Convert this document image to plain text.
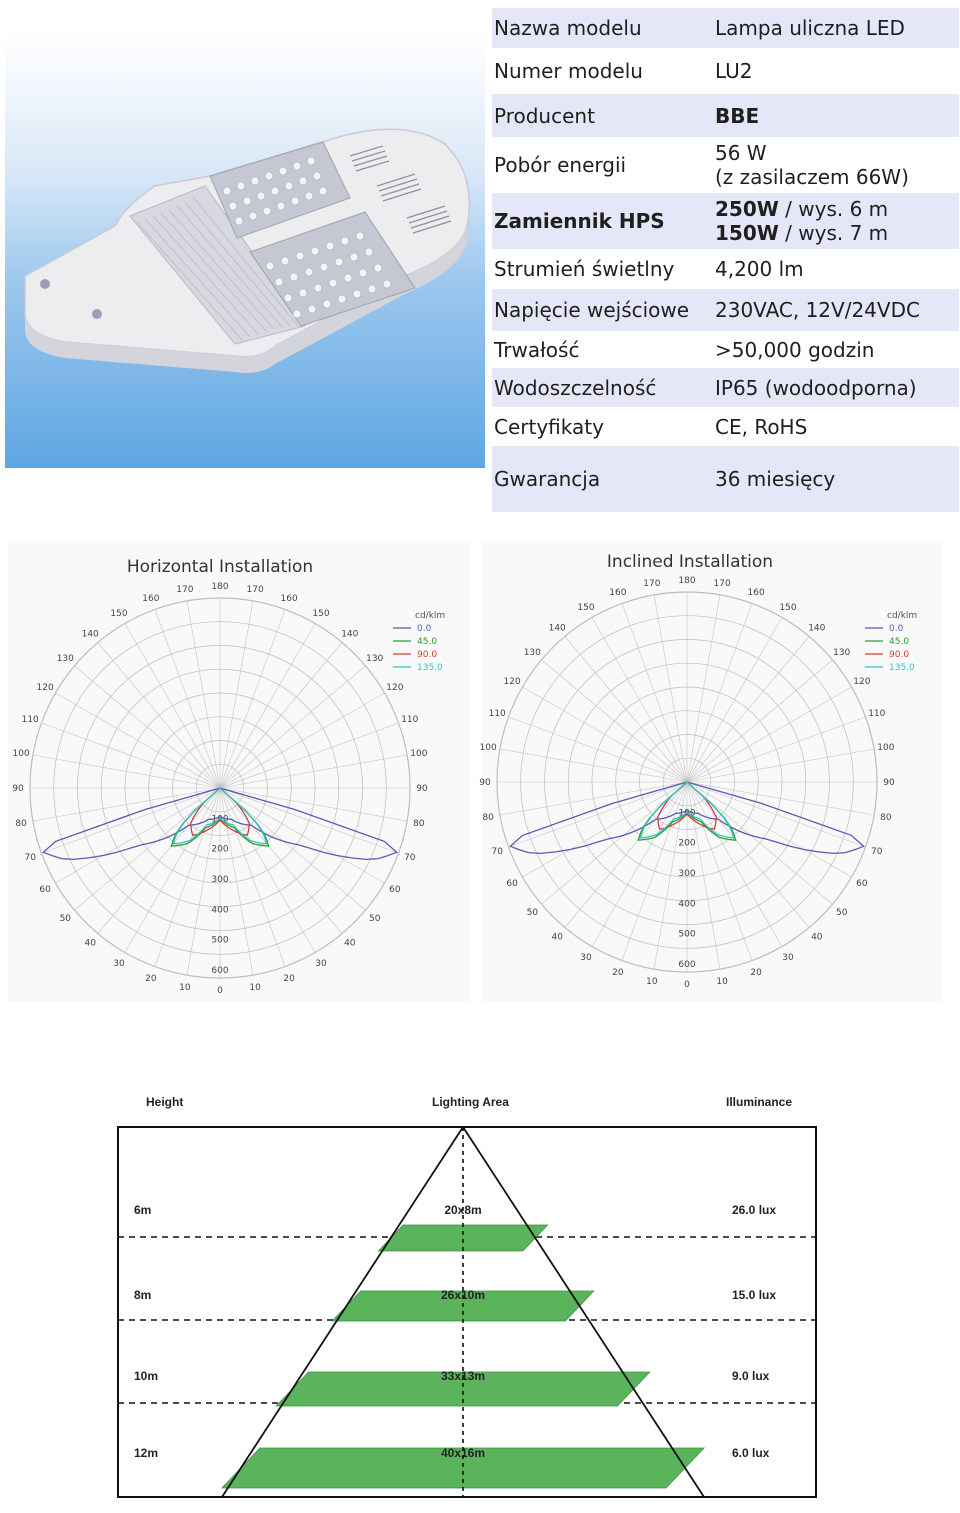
Nazwa modelu	Lampa uliczna LED
Numer modelu	LU2
Producent	BBE
Pobór energii	56 W
(z zasilaczem 66W)
Zamiennik HPS	250W / wys. 6 m
150W / wys. 7 m
Strumień świetlny	4,200 lm
Napięcie wejściowe	230VAC, 12V/24VDC
Trwałość	>50,000 godzin
Wodoszczelność	IP65 (wodoodporna)
Certyfikaty	CE, RoHS
Gwarancja	36 miesięcy
Horizontal Installation
0	10
20
30
40
50
60
70
80
90
100
110
120
130
140
150
160
170
180
170
160
150
140
130
120
110
100
90
80
70
60
50
40
30
20
10
100
200
300
400
500
600
cd/klm
0.0
45.0
90.0
135.0
Inclined Installation
0	10
20
30
40
50
60
70
80
90
100
110
120
130
140
150
160
170
180
170
160
150
140
130
120
110
100
90
80
70
60
50
40
30
20
10
100
200
300
400
500
600
cd/klm
0.0
45.0
90.0
135.0
Height	Lighting Area	Illuminance
6m	20x8m	26.0 lux
8m	26x10m	15.0 lux
10m	33x13m	9.0 lux
12m	40x16m	6.0 lux
